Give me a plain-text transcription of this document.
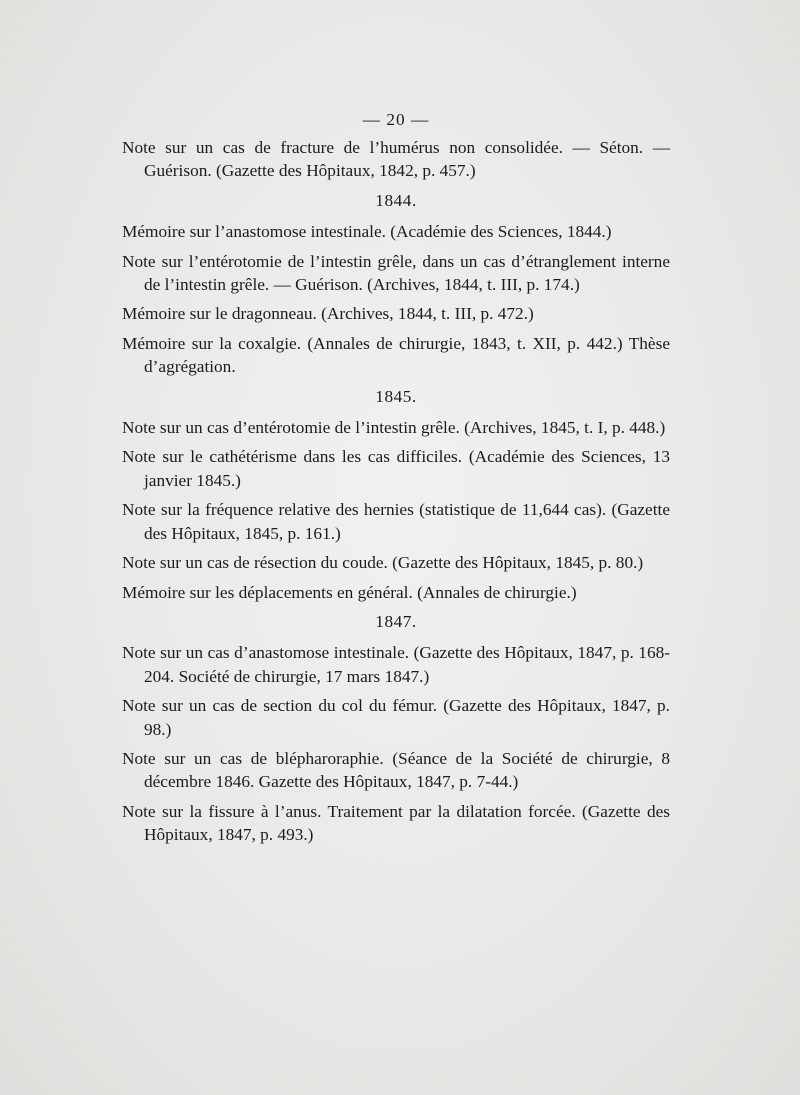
— 20 —

Note sur un cas de fracture de l’humérus non consolidée. — Séton. — Guérison. (Gazette des Hôpitaux, 1842, p. 457.)

1844.

Mémoire sur l’anastomose intestinale. (Académie des Sciences, 1844.)

Note sur l’entérotomie de l’intestin grêle, dans un cas d’étranglement interne de l’intestin grêle. — Guérison. (Archives, 1844, t. III, p. 174.)

Mémoire sur le dragonneau. (Archives, 1844, t. III, p. 472.)

Mémoire sur la coxalgie. (Annales de chirurgie, 1843, t. XII, p. 442.) Thèse d’agrégation.

1845.

Note sur un cas d’entérotomie de l’intestin grêle. (Archives, 1845, t. I, p. 448.)

Note sur le cathétérisme dans les cas difficiles. (Académie des Sciences, 13 janvier 1845.)

Note sur la fréquence relative des hernies (statistique de 11,644 cas). (Gazette des Hôpitaux, 1845, p. 161.)

Note sur un cas de résection du coude. (Gazette des Hôpitaux, 1845, p. 80.)

Mémoire sur les déplacements en général. (Annales de chirurgie.)

1847.

Note sur un cas d’anastomose intestinale. (Gazette des Hôpitaux, 1847, p. 168-204. Société de chirurgie, 17 mars 1847.)

Note sur un cas de section du col du fémur. (Gazette des Hôpitaux, 1847, p. 98.)

Note sur un cas de blépharoraphie. (Séance de la Société de chirurgie, 8 décembre 1846. Gazette des Hôpitaux, 1847, p. 7-44.)

Note sur la fissure à l’anus. Traitement par la dilatation forcée. (Gazette des Hôpitaux, 1847, p. 493.)
